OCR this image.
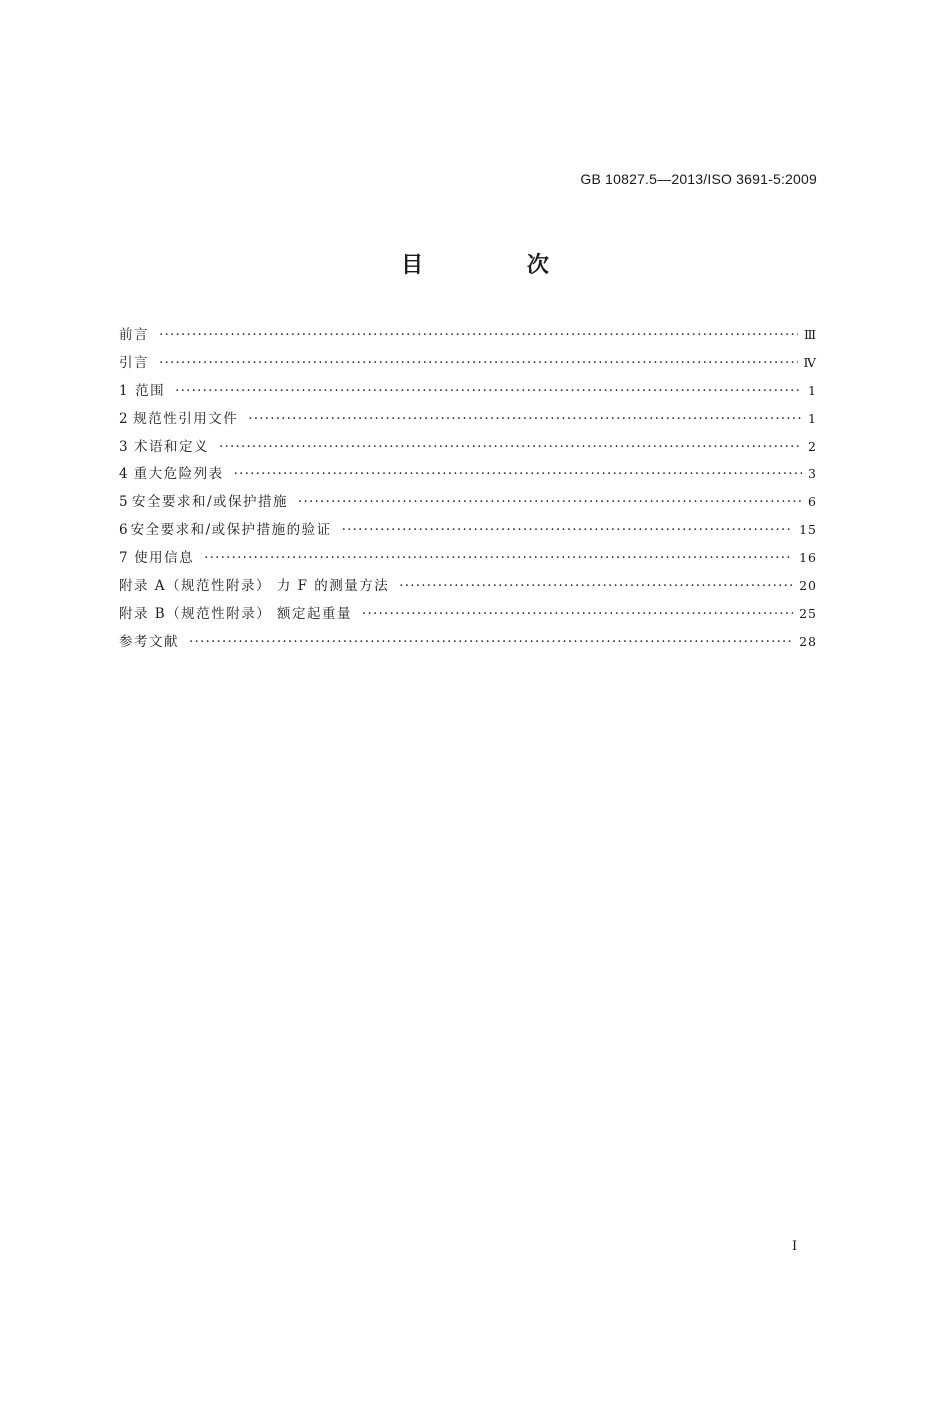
GB 10827.5—2013/ISO 3691-5:2009
目 次
前言 ·····	Ⅲ
引言 ·····	Ⅳ
1 范围 ·····	1
2 规范性引用文件 ·····	1
3 术语和定义 ·····	2
4 重大危险列表 ·····	3
5 安全要求和/或保护措施 ·····	6
6 安全要求和/或保护措施的验证 ·····	15
7 使用信息 ·····	16
附录 A（规范性附录） 力 F 的测量方法 ·····	20
附录 B（规范性附录） 额定起重量 ·····	25
参考文献 ·····	28
I
